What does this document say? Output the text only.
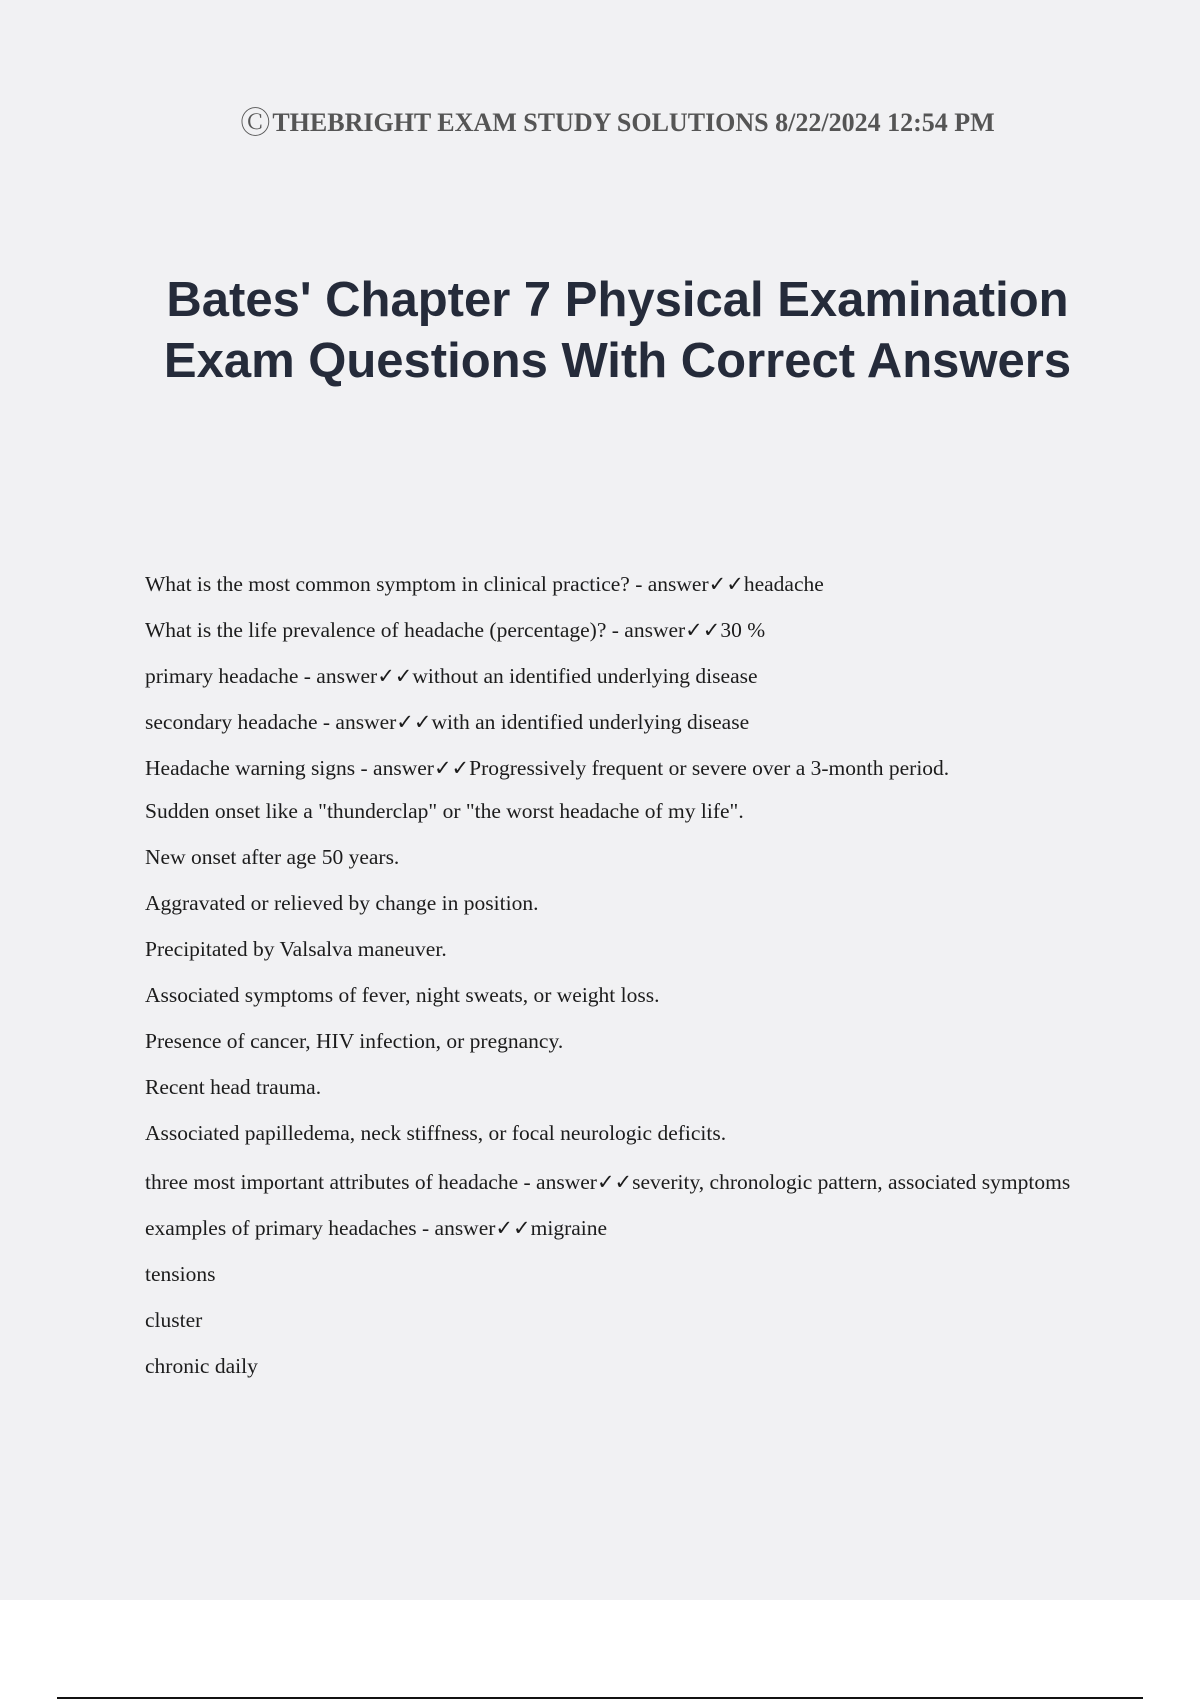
ⒸTHEBRIGHT EXAM STUDY SOLUTIONS 8/22/2024 12:54 PM
Bates' Chapter 7 Physical Examination
Exam Questions With Correct Answers
What is the most common symptom in clinical practice? - answer✓✓headache
What is the life prevalence of headache (percentage)? - answer✓✓30 %
primary headache - answer✓✓without an identified underlying disease
secondary headache - answer✓✓with an identified underlying disease
Headache warning signs - answer✓✓Progressively frequent or severe over a 3-month period.
Sudden onset like a "thunderclap" or "the worst headache of my life".
New onset after age 50 years.
Aggravated or relieved by change in position.
Precipitated by Valsalva maneuver.
Associated symptoms of fever, night sweats, or weight loss.
Presence of cancer, HIV infection, or pregnancy.
Recent head trauma.
Associated papilledema, neck stiffness, or focal neurologic deficits.
three most important attributes of headache - answer✓✓severity, chronologic pattern, associated symptoms
examples of primary headaches - answer✓✓migraine
tensions
cluster
chronic daily
